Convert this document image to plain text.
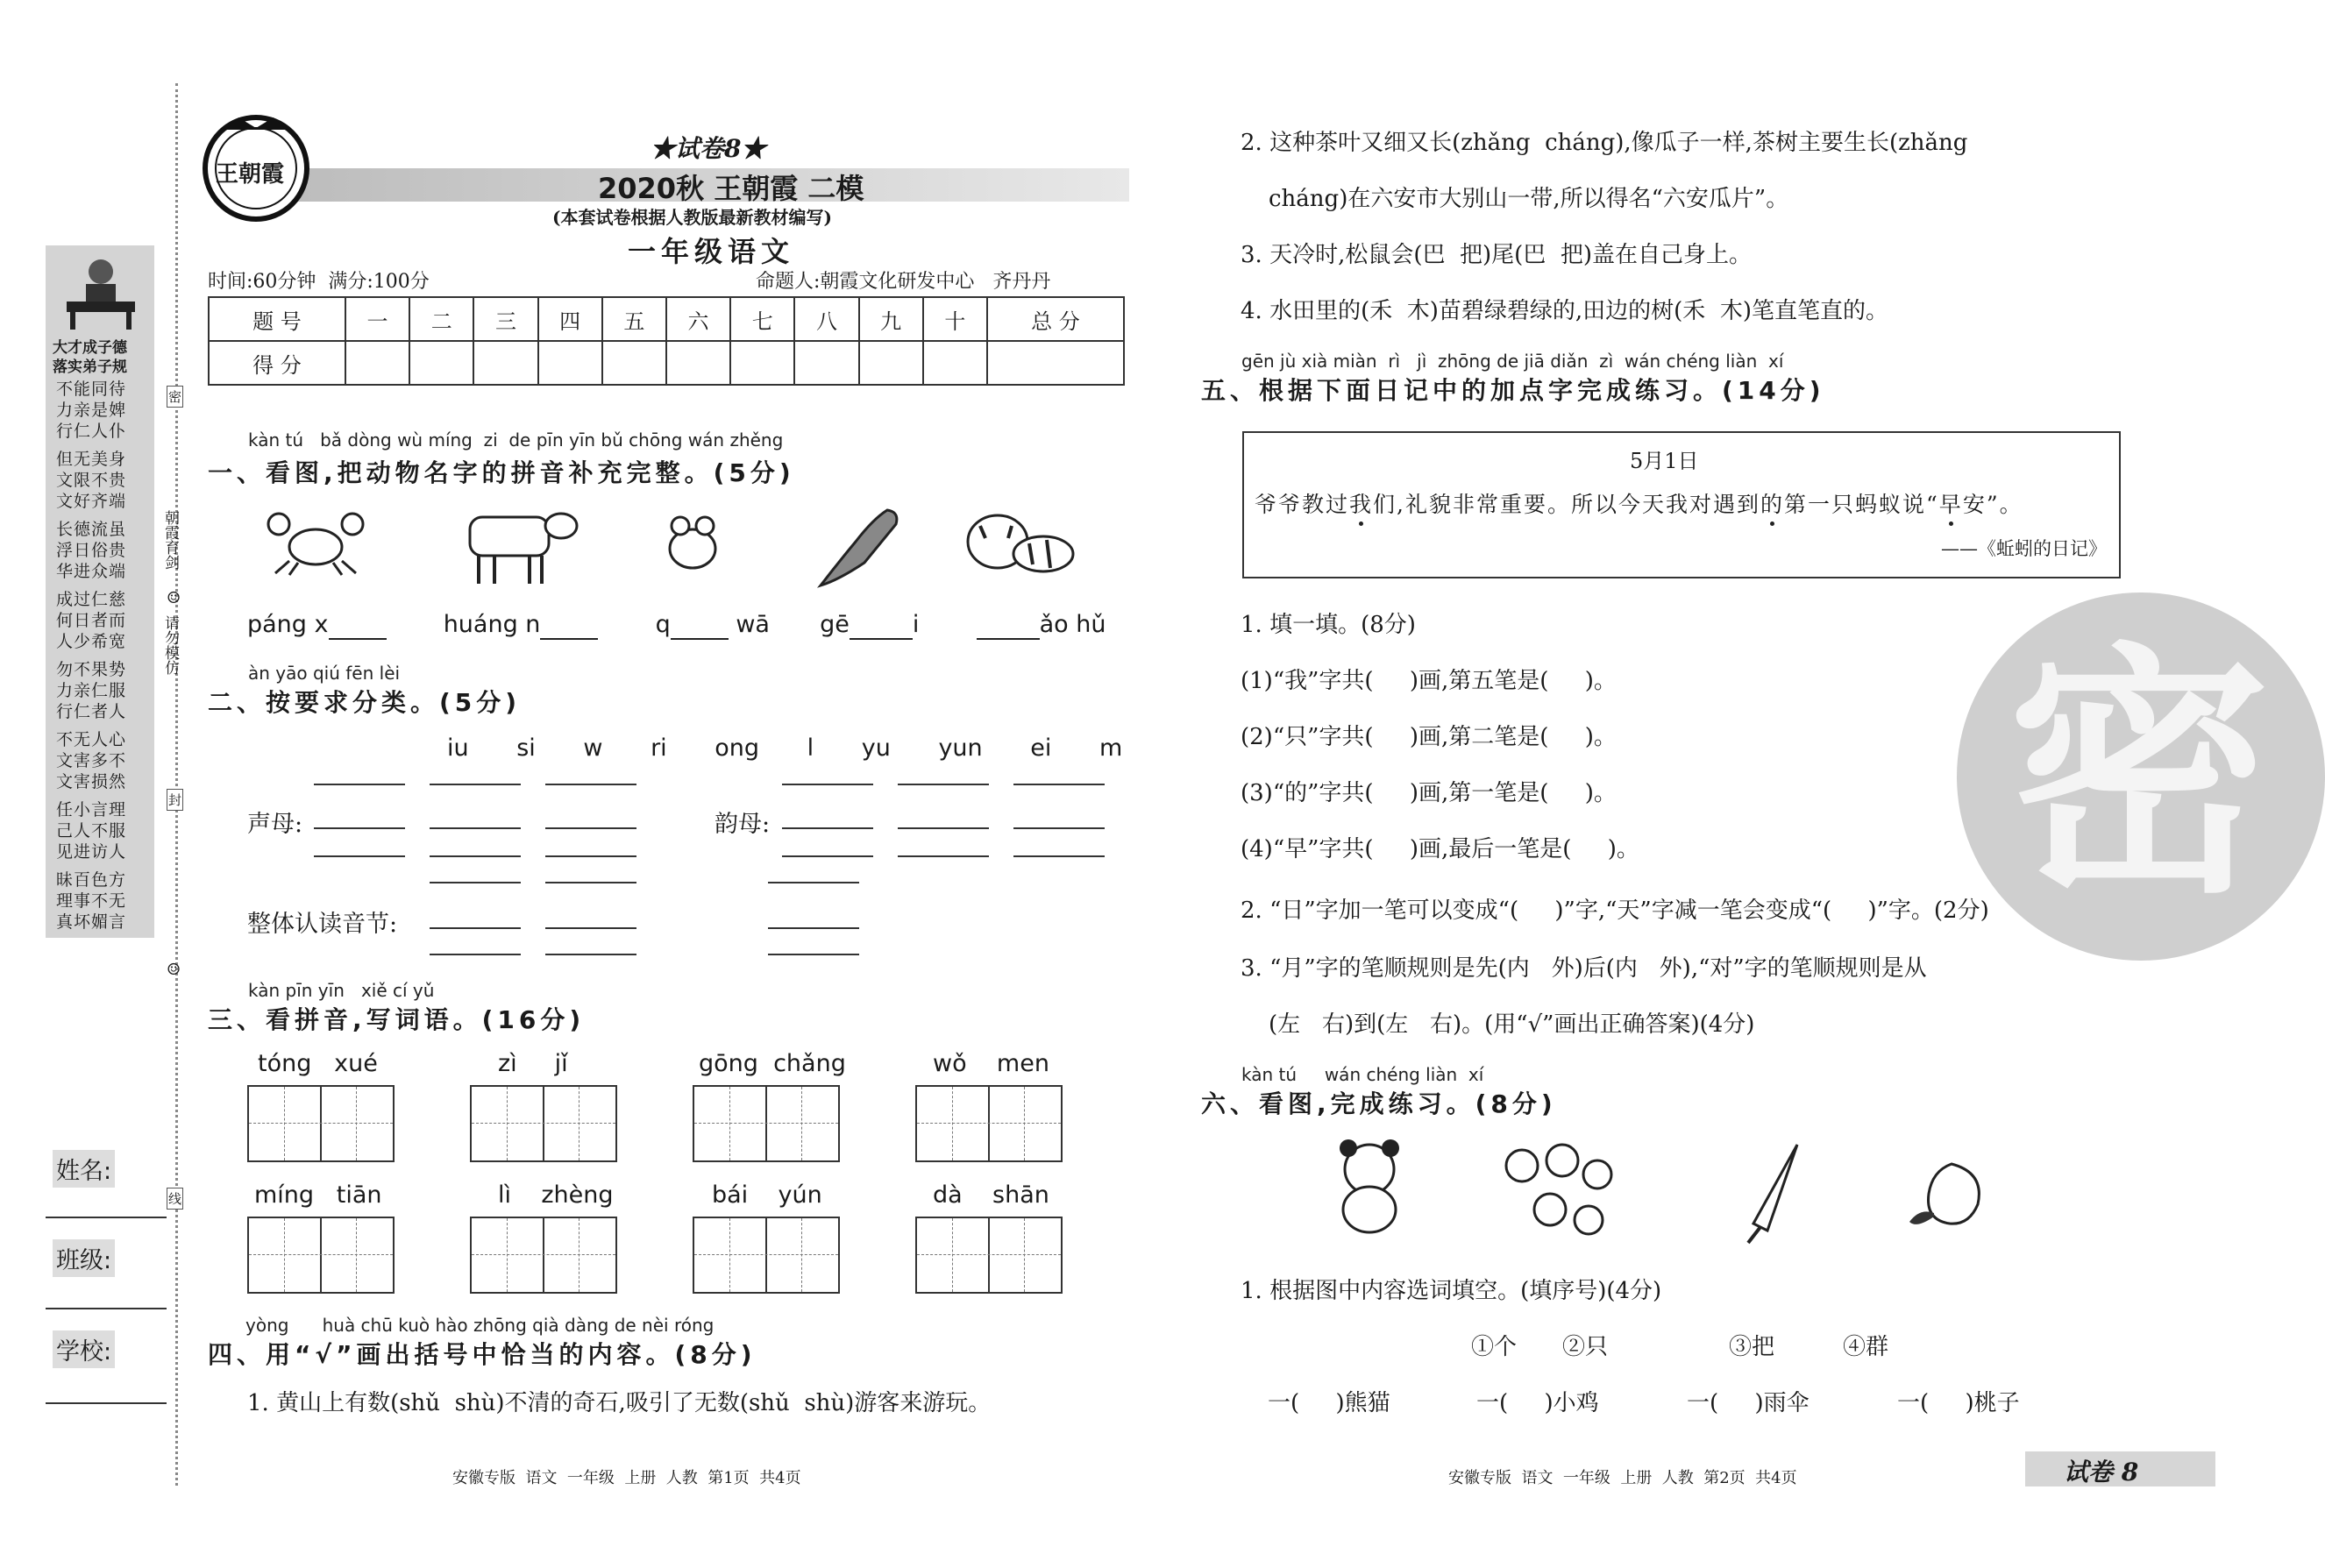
大才成子德
落实弟子规
不能同待
力亲是婢
行仁人仆
但无美身
文限不贵
文好齐端
长德流虽
浮日俗贵
华进众端
成过仁慈
何日者而
人少希宽
勿不果势
力亲仁服
行仁者人
不无人心
文害多不
文害损然
任小言理
己人不服
见进访人
昧百色方
理事不无
真坏媚言
朝霞育剑
请勿模仿
密
封
线
☺
☺
姓名:
班级:
学校:
王朝霞
★试卷8★
2020秋 王朝霞 二模
(本套试卷根据人教版最新教材编写)
一年级语文
时间:60分钟  满分:100分	命题人:朝霞文化研发中心   齐丹丹
题 号	一	二	三	四	五	六	七	八	九	十	总 分
得 分											
kàn tú   bǎ dòng wù míng  zi  de pīn yīn bǔ chōng wán zhěng
一、看图,把动物名字的拼音补充完整。(5分)
páng x	huáng n	q	wā gē	i	ǎo hǔ
àn yāo qiú fēn lèi
二、按要求分类。(5分)
iu si w ri ong l yu yun ei m
声母:	韵母:
整体认读音节:
kàn pīn yīn   xiě cí yǔ
三、看拼音,写词语。(16分)
tóng   xué	zì     jǐ	gōng  chǎng	wǒ    men
míng   tiān	lì    zhèng	bái    yún	dà    shān
yòng      huà chū kuò hào zhōng qià dàng de nèi róng
四、用“√”画出括号中恰当的内容。(8分)
1. 黄山上有数(shǔ  shù)不清的奇石,吸引了无数(shǔ  shù)游客来游玩。
安徽专版  语文  一年级  上册  人教  第1页  共4页
2. 这种茶叶又细又长(zhǎng  cháng),像瓜子一样,茶树主要生长(zhǎng
cháng)在六安市大别山一带,所以得名“六安瓜片”。
3. 天冷时,松鼠会(巴  把)尾(巴  把)盖在自己身上。
4. 水田里的(禾  木)苗碧绿碧绿的,田边的树(禾  木)笔直笔直的。
gēn jù xià miàn  rì   jì  zhōng de jiā diǎn  zì  wán chéng liàn  xí
五、根据下面日记中的加点字完成练习。(14分)
5月1日
爷爷教过我们,礼貌非常重要。所以今天我对遇到的第一只蚂蚁说“早安”。
——《蚯蚓的日记》
1. 填一填。(8分)
(1)“我”字共(     )画,第五笔是(     )。
(2)“只”字共(     )画,第二笔是(     )。
(3)“的”字共(     )画,第一笔是(     )。
(4)“早”字共(     )画,最后一笔是(     )。
2. “日”字加一笔可以变成“(     )”字,“天”字减一笔会变成“(     )”字。(2分)
3. “月”字的笔顺规则是先(内   外)后(内   外),“对”字的笔顺规则是从
(左   右)到(左   右)。(用“√”画出正确答案)(4分)
kàn tú     wán chéng liàn  xí
六、看图,完成练习。(8分)
1. 根据图中内容选词填空。(填序号)(4分)
①个 ②只	③把	④群
一(     )熊猫	一(     )小鸡	一(     )雨伞	一(     )桃子
密
安徽专版  语文  一年级  上册  人教  第2页  共4页	试卷 8
